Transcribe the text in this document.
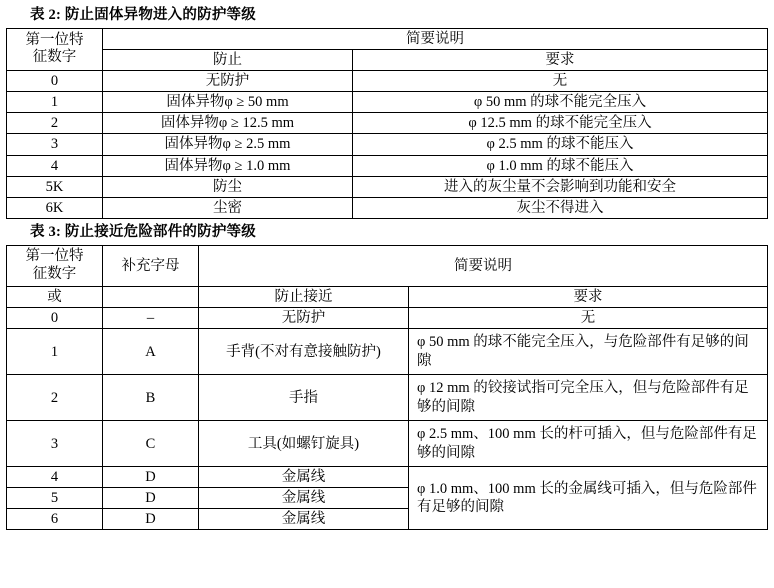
表 2: 防止固体异物进入的防护等级
第一位特
征数字	简要说明	
	防止	要求
0	无防护	无
1	固体异物φ ≥ 50 mm	φ 50 mm 的球不能完全压入
2	固体异物φ ≥ 12.5 mm	φ 12.5 mm 的球不能完全压入
3	固体异物φ ≥ 2.5 mm	φ 2.5 mm 的球不能压入
4	固体异物φ ≥ 1.0 mm	φ 1.0 mm 的球不能压入
5K	防尘	进入的灰尘量不会影响到功能和安全
6K	尘密	灰尘不得进入
表 3: 防止接近危险部件的防护等级
第一位特
征数字	补充字母	简要说明	
或		防止接近	要求
0	–	无防护	无
1	A	手背(不对有意接触防护)	φ 50 mm 的球不能完全压入，与危险部件有足够的间隙
2	B	手指	φ 12 mm 的铰接试指可完全压入，但与危险部件有足够的间隙
3	C	工具(如螺钉旋具)	φ 2.5 mm、100 mm 长的杆可插入，但与危险部件有足够的间隙
4	D	金属线	φ 1.0 mm、100 mm 长的金属线可插入，但与危险部件有足够的间隙
5	D	金属线	
6	D	金属线	
